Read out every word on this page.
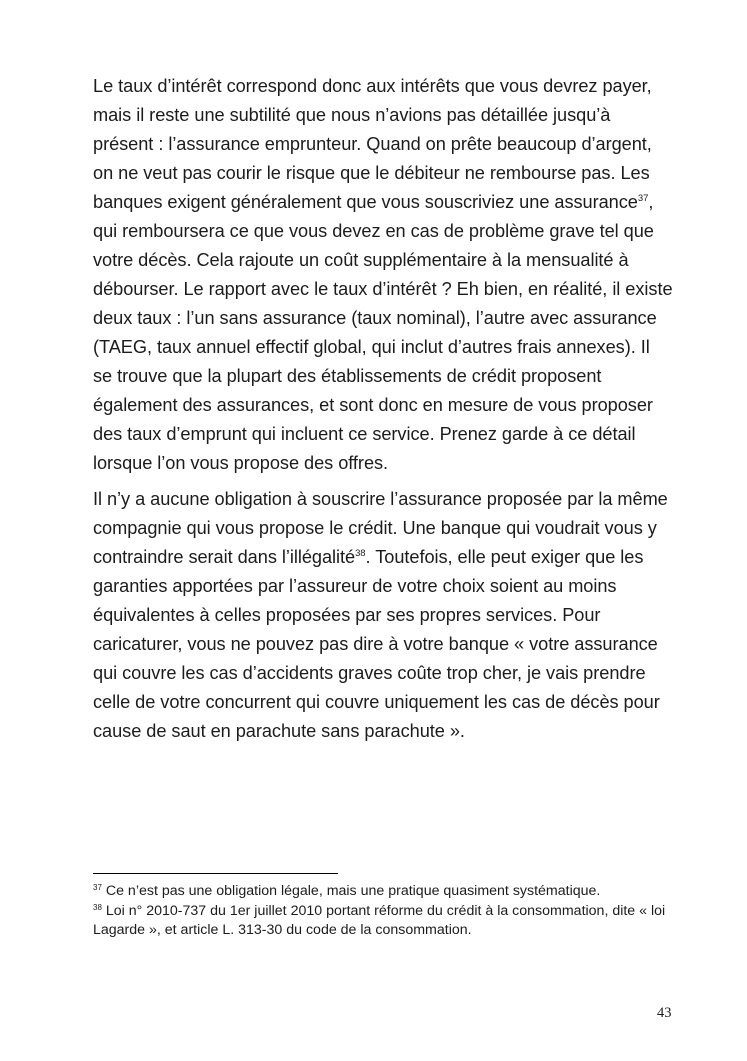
Le taux d’intérêt correspond donc aux intérêts que vous devrez payer, mais il reste une subtilité que nous n’avions pas détaillée jusqu’à présent : l’assurance emprunteur. Quand on prête beaucoup d’argent, on ne veut pas courir le risque que le débiteur ne rembourse pas. Les banques exigent généralement que vous souscriviez une assurance$^{37}$, qui remboursera ce que vous devez en cas de problème grave tel que votre décès. Cela rajoute un coût supplémentaire à la mensualité à débourser. Le rapport avec le taux d’intérêt ? Eh bien, en réalité, il existe deux taux : l’un sans assurance (taux nominal), l’autre avec assurance (TAEG, taux annuel effectif global, qui inclut d’autres frais annexes). Il se trouve que la plupart des établissements de crédit proposent également des assurances, et sont donc en mesure de vous proposer des taux d’emprunt qui incluent ce service. Prenez garde à ce détail lorsque l’on vous propose des offres.

Il n’y a aucune obligation à souscrire l’assurance proposée par la même compagnie qui vous propose le crédit. Une banque qui voudrait vous y contraindre serait dans l’illégalité$^{38}$. Toutefois, elle peut exiger que les garanties apportées par l’assureur de votre choix soient au moins équivalentes à celles proposées par ses propres services. Pour caricaturer, vous ne pouvez pas dire à votre banque « votre assurance qui couvre les cas d’accidents graves coûte trop cher, je vais prendre celle de votre concurrent qui couvre uniquement les cas de décès pour cause de saut en parachute sans parachute ».

$^{37}$ Ce n’est pas une obligation légale, mais une pratique quasiment systématique.

$^{38}$ Loi n° 2010-737 du 1er juillet 2010 portant réforme du crédit à la consommation, dite « loi Lagarde », et article L. 313-30 du code de la consommation.

43
